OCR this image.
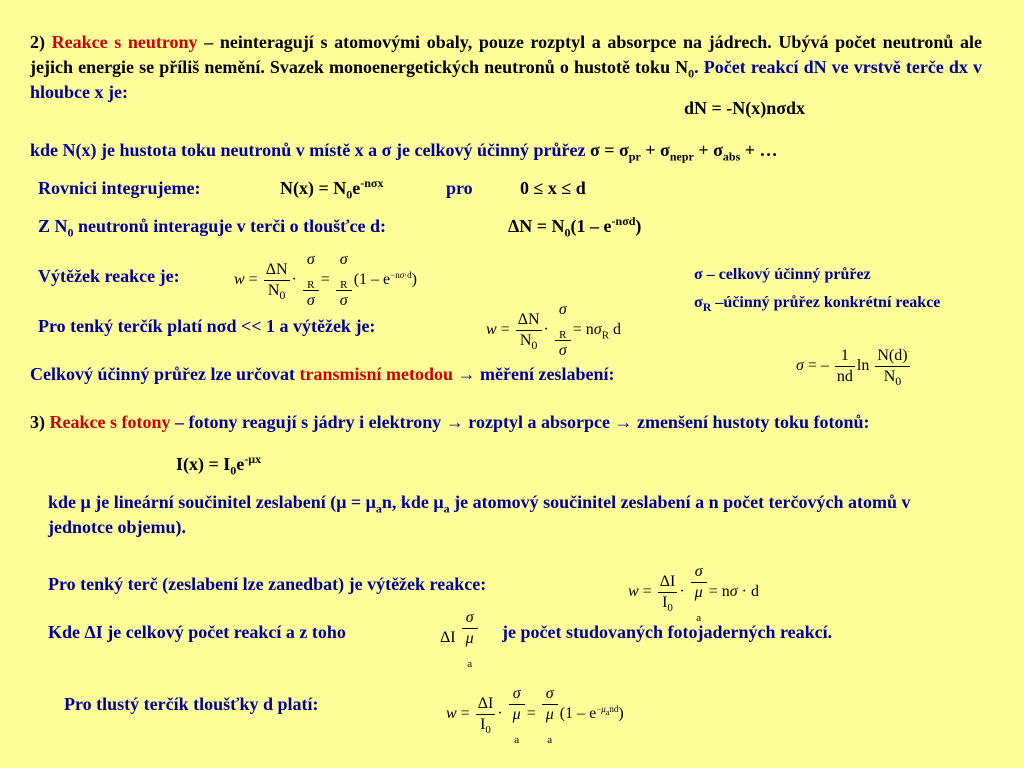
2) Reakce s neutrony – neinteragují s atomovými obaly, pouze rozptyl a absorpce na jádrech. Ubývá počet neutronů ale jejich energie se příliš nemění. Svazek monoenergetických neutronů o hustotě toku $N_0$. Počet reakcí dN ve vrstvě terče dx v hloubce x je:
dN = -N(x)nσdx
kde N(x) je hustota toku neutronů v místě x a σ je celkový účinný průřez $\sigma = \sigma_{pr} + \sigma_{nepr} + \sigma_{abs}$ + …
Rovnici integrujeme:	$N(x) = N_0e^{-n\sigma x}$	pro	0 ≤ x ≤ d
Z $N_0$ neutronů interaguje v terči o tloušťce d:	$\Delta N = N_0(1 - e^{-n\sigma d})$
Výtěžek reakce je:	$w = \frac{\Delta N}{N_0} \cdot \sigma$
$_R$
σ = σ
$_R$
σ $(1 - e^{-n\sigma\cdot d})$	σ – celkový účinný průřez
$\sigma_R$ –účinný průřez konkrétní reakce
Pro tenký terčík platí nσd << 1 a výtěžek je:	$w = \frac{\Delta N}{N_0} \cdot \sigma$
$_R$
$\sigma = n\sigma_R$ d
Celkový účinný průřez lze určovat transmisní metodou → měření zeslabení:	σ = – $\frac{1}{nd}$ $\ln \frac{N(d)}{N_0}$
3) Reakce s fotony – fotony reagují s jádry i elektrony → rozptyl a absorpce → zmenšení hustoty toku fotonů:
$I(x) = I_0e^{-\mu x}$
kde μ je lineární součinitel zeslabení ($\mu = \mu_an$, kde $\mu_a$ je atomový součinitel zeslabení a n počet terčových atomů v jednotce objemu).
Pro tenký terč (zeslabení lze zanedbat) je výtěžek reakce:	$w = \frac{\Delta I}{I_0} \cdot \sigma$
μ
$_a$ = nσ · d
Kde ΔI je celkový počet reakcí a z toho	ΔI σ
μ
$_a$ je počet studovaných fotojaderných reakcí.
Pro tlustý terčík tloušťky d platí:	$w = \frac{\Delta I}{I_0} \cdot \sigma$
μ
$_a$ = σ
μ
$_a$ $(1 - e^{-\mu_and})$
